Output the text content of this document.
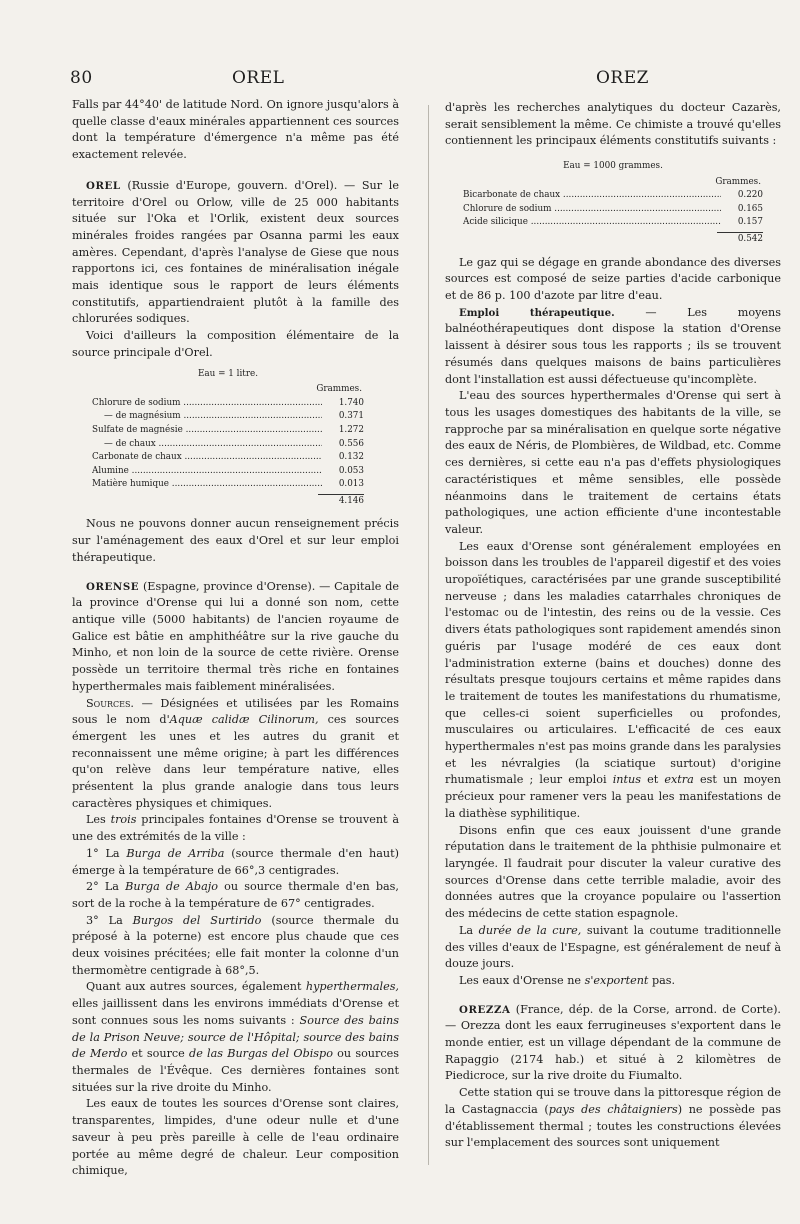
80	OREL	OREZ

Falls par 44°40' de latitude Nord. On ignore jusqu'alors à quelle classe d'eaux minérales appartiennent ces sources dont la température d'émergence n'a même pas été exactement relevée.

OREL (Russie d'Europe, gouvern. d'Orel). — Sur le territoire d'Orel ou Orlow, ville de 25 000 habitants située sur l'Oka et l'Orlik, existent deux sources minérales froides rangées par Osanna parmi les eaux amères. Cependant, d'après l'analyse de Giese que nous rapportons ici, ces fontaines de minéralisation inégale mais identique sous le rapport de leurs éléments constitutifs, appartiendraient plutôt à la famille des chlorurées sodiques.

Voici d'ailleurs la composition élémentaire de la source principale d'Orel.

Eau = 1 litre.
Grammes.
Chlorure de sodium .....	1.740
— de magnésium .....	0.371
Sulfate de magnésie .....	1.272
— de chaux .....	0.556
Carbonate de chaux .....	0.132
Alumine .....	0.053
Matière humique .....	0.013
4.146

Nous ne pouvons donner aucun renseignement précis sur l'aménagement des eaux d'Orel et sur leur emploi thérapeutique.

ORENSE (Espagne, province d'Orense). — Capitale de la province d'Orense qui lui a donné son nom, cette antique ville (5000 habitants) de l'ancien royaume de Galice est bâtie en amphithéâtre sur la rive gauche du Minho, et non loin de la source de cette rivière. Orense possède un territoire thermal très riche en fontaines hyperthermales mais faiblement minéralisées.

Sources. — Désignées et utilisées par les Romains sous le nom d'Aquæ calidæ Cilinorum, ces sources émergent les unes et les autres du granit et reconnaissent une même origine; à part les différences qu'on relève dans leur température native, elles présentent la plus grande analogie dans tous leurs caractères physiques et chimiques.

Les trois principales fontaines d'Orense se trouvent à une des extrémités de la ville :

1° La Burga de Arriba (source thermale d'en haut) émerge à la température de 66°,3 centigrades.

2° La Burga de Abajo ou source thermale d'en bas, sort de la roche à la température de 67° centigrades.

3° La Burgos del Surtirido (source thermale du préposé à la poterne) est encore plus chaude que ces deux voisines précitées; elle fait monter la colonne d'un thermomètre centigrade à 68°,5.

Quant aux autres sources, également hyperthermales, elles jaillissent dans les environs immédiats d'Orense et sont connues sous les noms suivants : Source des bains de la Prison Neuve; source de l'Hôpital; source des bains de Merdo et source de las Burgas del Obispo ou sources thermales de l'Évêque. Ces dernières fontaines sont situées sur la rive droite du Minho.

Les eaux de toutes les sources d'Orense sont claires, transparentes, limpides, d'une odeur nulle et d'une saveur à peu près pareille à celle de l'eau ordinaire portée au même degré de chaleur. Leur composition chimique,

d'après les recherches analytiques du docteur Cazarès, serait sensiblement la même. Ce chimiste a trouvé qu'elles contiennent les principaux éléments constitutifs suivants :

Eau = 1000 grammes.
Grammes.
Bicarbonate de chaux .....	0.220
Chlorure de sodium .....	0.165
Acide silicique .....	0.157
0.542

Le gaz qui se dégage en grande abondance des diverses sources est composé de seize parties d'acide carbonique et de 86 p. 100 d'azote par litre d'eau.

Emploi thérapeutique. — Les moyens balnéothérapeutiques dont dispose la station d'Orense laissent à désirer sous tous les rapports ; ils se trouvent résumés dans quelques maisons de bains particulières dont l'installation est aussi défectueuse qu'incomplète.

L'eau des sources hyperthermales d'Orense qui sert à tous les usages domestiques des habitants de la ville, se rapproche par sa minéralisation en quelque sorte négative des eaux de Néris, de Plombières, de Wildbad, etc. Comme ces dernières, si cette eau n'a pas d'effets physiologiques caractéristiques et même sensibles, elle possède néanmoins dans le traitement de certains états pathologiques, une action efficiente d'une incontestable valeur.

Les eaux d'Orense sont généralement employées en boisson dans les troubles de l'appareil digestif et des voies uropoïétiques, caractérisées par une grande susceptibilité nerveuse ; dans les maladies catarrhales chroniques de l'estomac ou de l'intestin, des reins ou de la vessie. Ces divers états pathologiques sont rapidement amendés sinon guéris par l'usage modéré de ces eaux dont l'administration externe (bains et douches) donne des résultats presque toujours certains et même rapides dans le traitement de toutes les manifestations du rhumatisme, que celles-ci soient superficielles ou profondes, musculaires ou articulaires. L'efficacité de ces eaux hyperthermales n'est pas moins grande dans les paralysies et les névralgies (la sciatique surtout) d'origine rhumatismale ; leur emploi intus et extra est un moyen précieux pour ramener vers la peau les manifestations de la diathèse syphilitique.

Disons enfin que ces eaux jouissent d'une grande réputation dans le traitement de la phthisie pulmonaire et laryngée. Il faudrait pour discuter la valeur curative des sources d'Orense dans cette terrible maladie, avoir des données autres que la croyance populaire ou l'assertion des médecins de cette station espagnole.

La durée de la cure, suivant la coutume traditionnelle des villes d'eaux de l'Espagne, est généralement de neuf à douze jours.

Les eaux d'Orense ne s'exportent pas.

OREZZA (France, dép. de la Corse, arrond. de Corte). — Orezza dont les eaux ferrugineuses s'exportent dans le monde entier, est un village dépendant de la commune de Rapaggio (2174 hab.) et situé à 2 kilomètres de Piedicroce, sur la rive droite du Fiumalto.

Cette station qui se trouve dans la pittoresque région de la Castagnaccia (pays des châtaigniers) ne possède pas d'établissement thermal ; toutes les constructions élevées sur l'emplacement des sources sont uniquement
